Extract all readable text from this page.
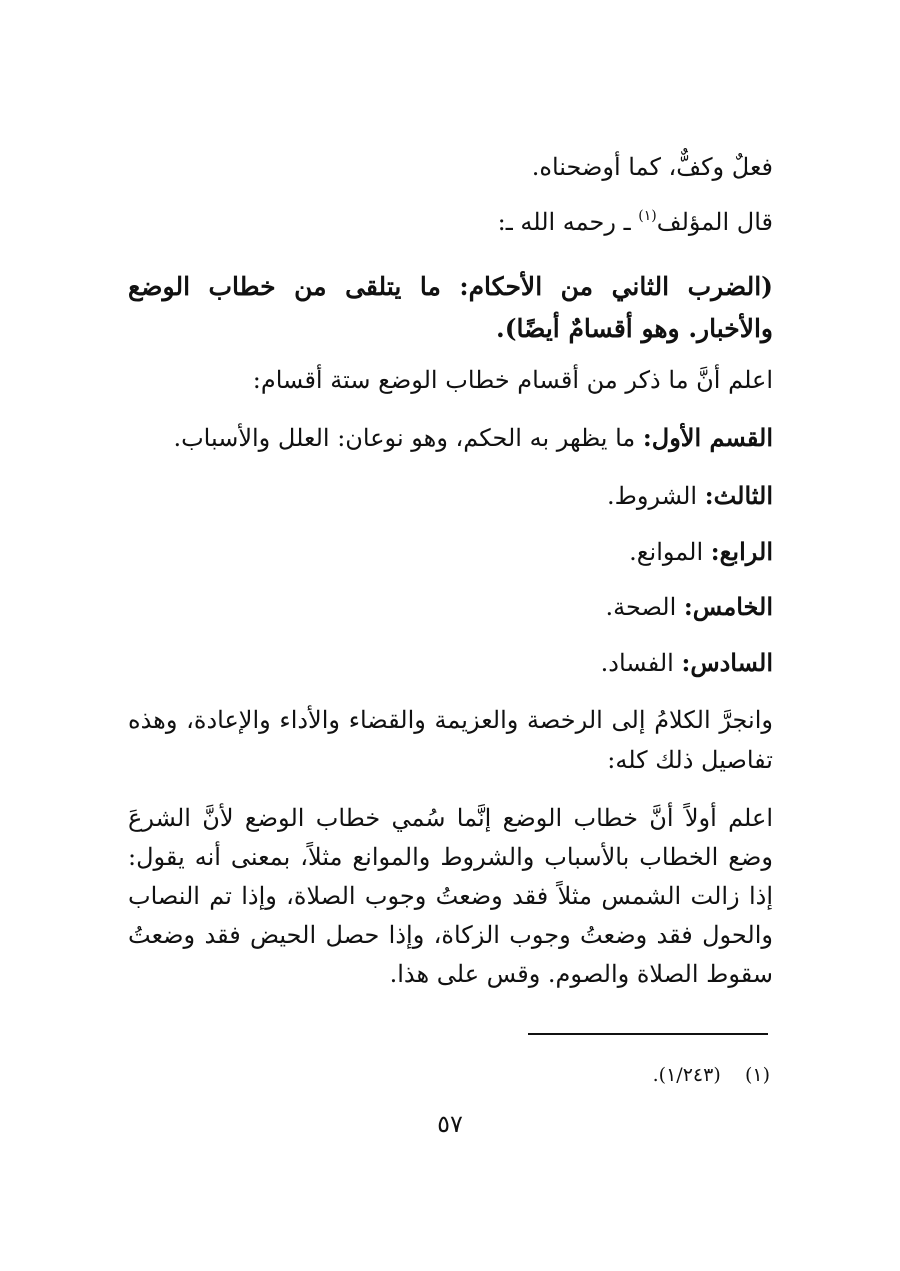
فعلٌ وكفٌّ، كما أوضحناه.
قال المؤلف$^{(١)}$ ـ رحمه الله ـ:
(الضرب الثاني من الأحكام: ما يتلقى من خطاب الوضع والأخبار. وهو أقسامٌ أيضًا).
اعلم أنَّ ما ذكر من أقسام خطاب الوضع ستة أقسام:
القسم الأول: ما يظهر به الحكم، وهو نوعان: العلل والأسباب.
الثالث: الشروط.
الرابع: الموانع.
الخامس: الصحة.
السادس: الفساد.
وانجرَّ الكلامُ إلى الرخصة والعزيمة والقضاء والأداء والإعادة، وهذه تفاصيل ذلك كله:
اعلم أولاً أنَّ خطاب الوضع إنَّما سُمي خطاب الوضع لأنَّ الشرعَ وضع الخطاب بالأسباب والشروط والموانع مثلاً، بمعنى أنه يقول: إذا زالت الشمس مثلاً فقد وضعتُ وجوب الصلاة، وإذا تم النصاب والحول فقد وضعتُ وجوب الزكاة، وإذا حصل الحيض فقد وضعتُ سقوط الصلاة والصوم. وقس على هذا.
(١)    (١/٢٤٣).
٥٧
